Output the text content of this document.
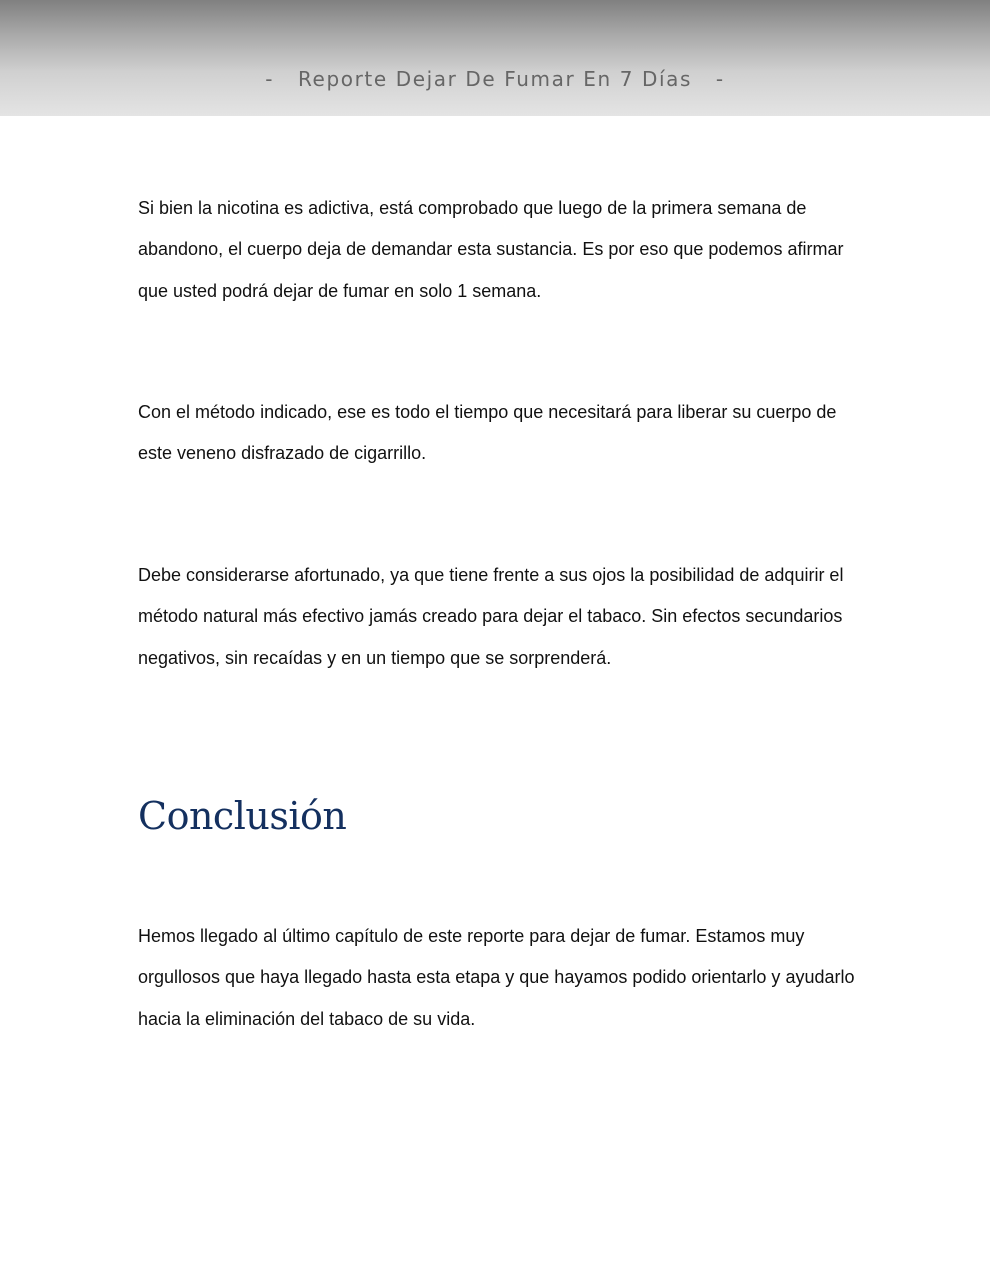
-   Reporte Dejar De Fumar En 7 Días   -

Si bien la nicotina es adictiva, está comprobado que luego de la primera semana de abandono, el cuerpo deja de demandar esta sustancia. Es por eso que podemos afirmar que usted podrá dejar de fumar en solo 1 semana.

Con el método indicado, ese es todo el tiempo que necesitará para liberar su cuerpo de este veneno disfrazado de cigarrillo.

Debe considerarse afortunado, ya que tiene frente a sus ojos la posibilidad de adquirir el método natural más efectivo jamás creado para dejar el tabaco. Sin efectos secundarios negativos, sin recaídas y en un tiempo que se sorprenderá.

Conclusión

Hemos llegado al último capítulo de este reporte para dejar de fumar. Estamos muy orgullosos que haya llegado hasta esta etapa y que hayamos podido orientarlo y ayudarlo hacia la eliminación del tabaco de su vida.
